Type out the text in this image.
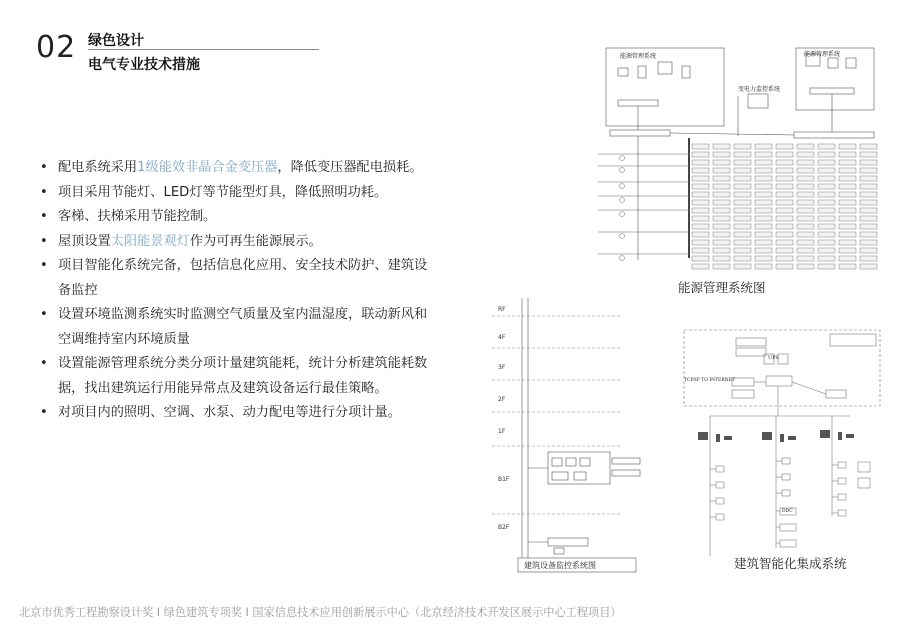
02 绿色设计
电气专业技术措施
• 配电系统采用1级能效非晶合金变压器，降低变压器配电损耗。
• 项目采用节能灯、LED灯等节能型灯具，降低照明功耗。
• 客梯、扶梯采用节能控制。
• 屋顶设置太阳能景观灯作为可再生能源展示。
• 项目智能化系统完备，包括信息化应用、安全技术防护、建筑设备监控
• 设置环境监测系统实时监测空气质量及室内温湿度，联动新风和空调维持室内环境质量
• 设置能源管理系统分类分项计量建筑能耗，统计分析建筑能耗数据，找出建筑运行用能异常点及建筑设备运行最佳策略。
• 对项目内的照明、空调、水泵、动力配电等进行分项计量。
能源管理系统	能源管理系统
变电力监控系统
能源管理系统图
RF
4F
3F
2F
1F
B1F
B2F
建筑设备监控系统图
UPS
TCP/IP TO INTERNET
DDC
建筑智能化集成系统
北京市优秀工程勘察设计奖 I 绿色建筑专项奖 I 国家信息技术应用创新展示中心（北京经济技术开发区展示中心工程项目）
